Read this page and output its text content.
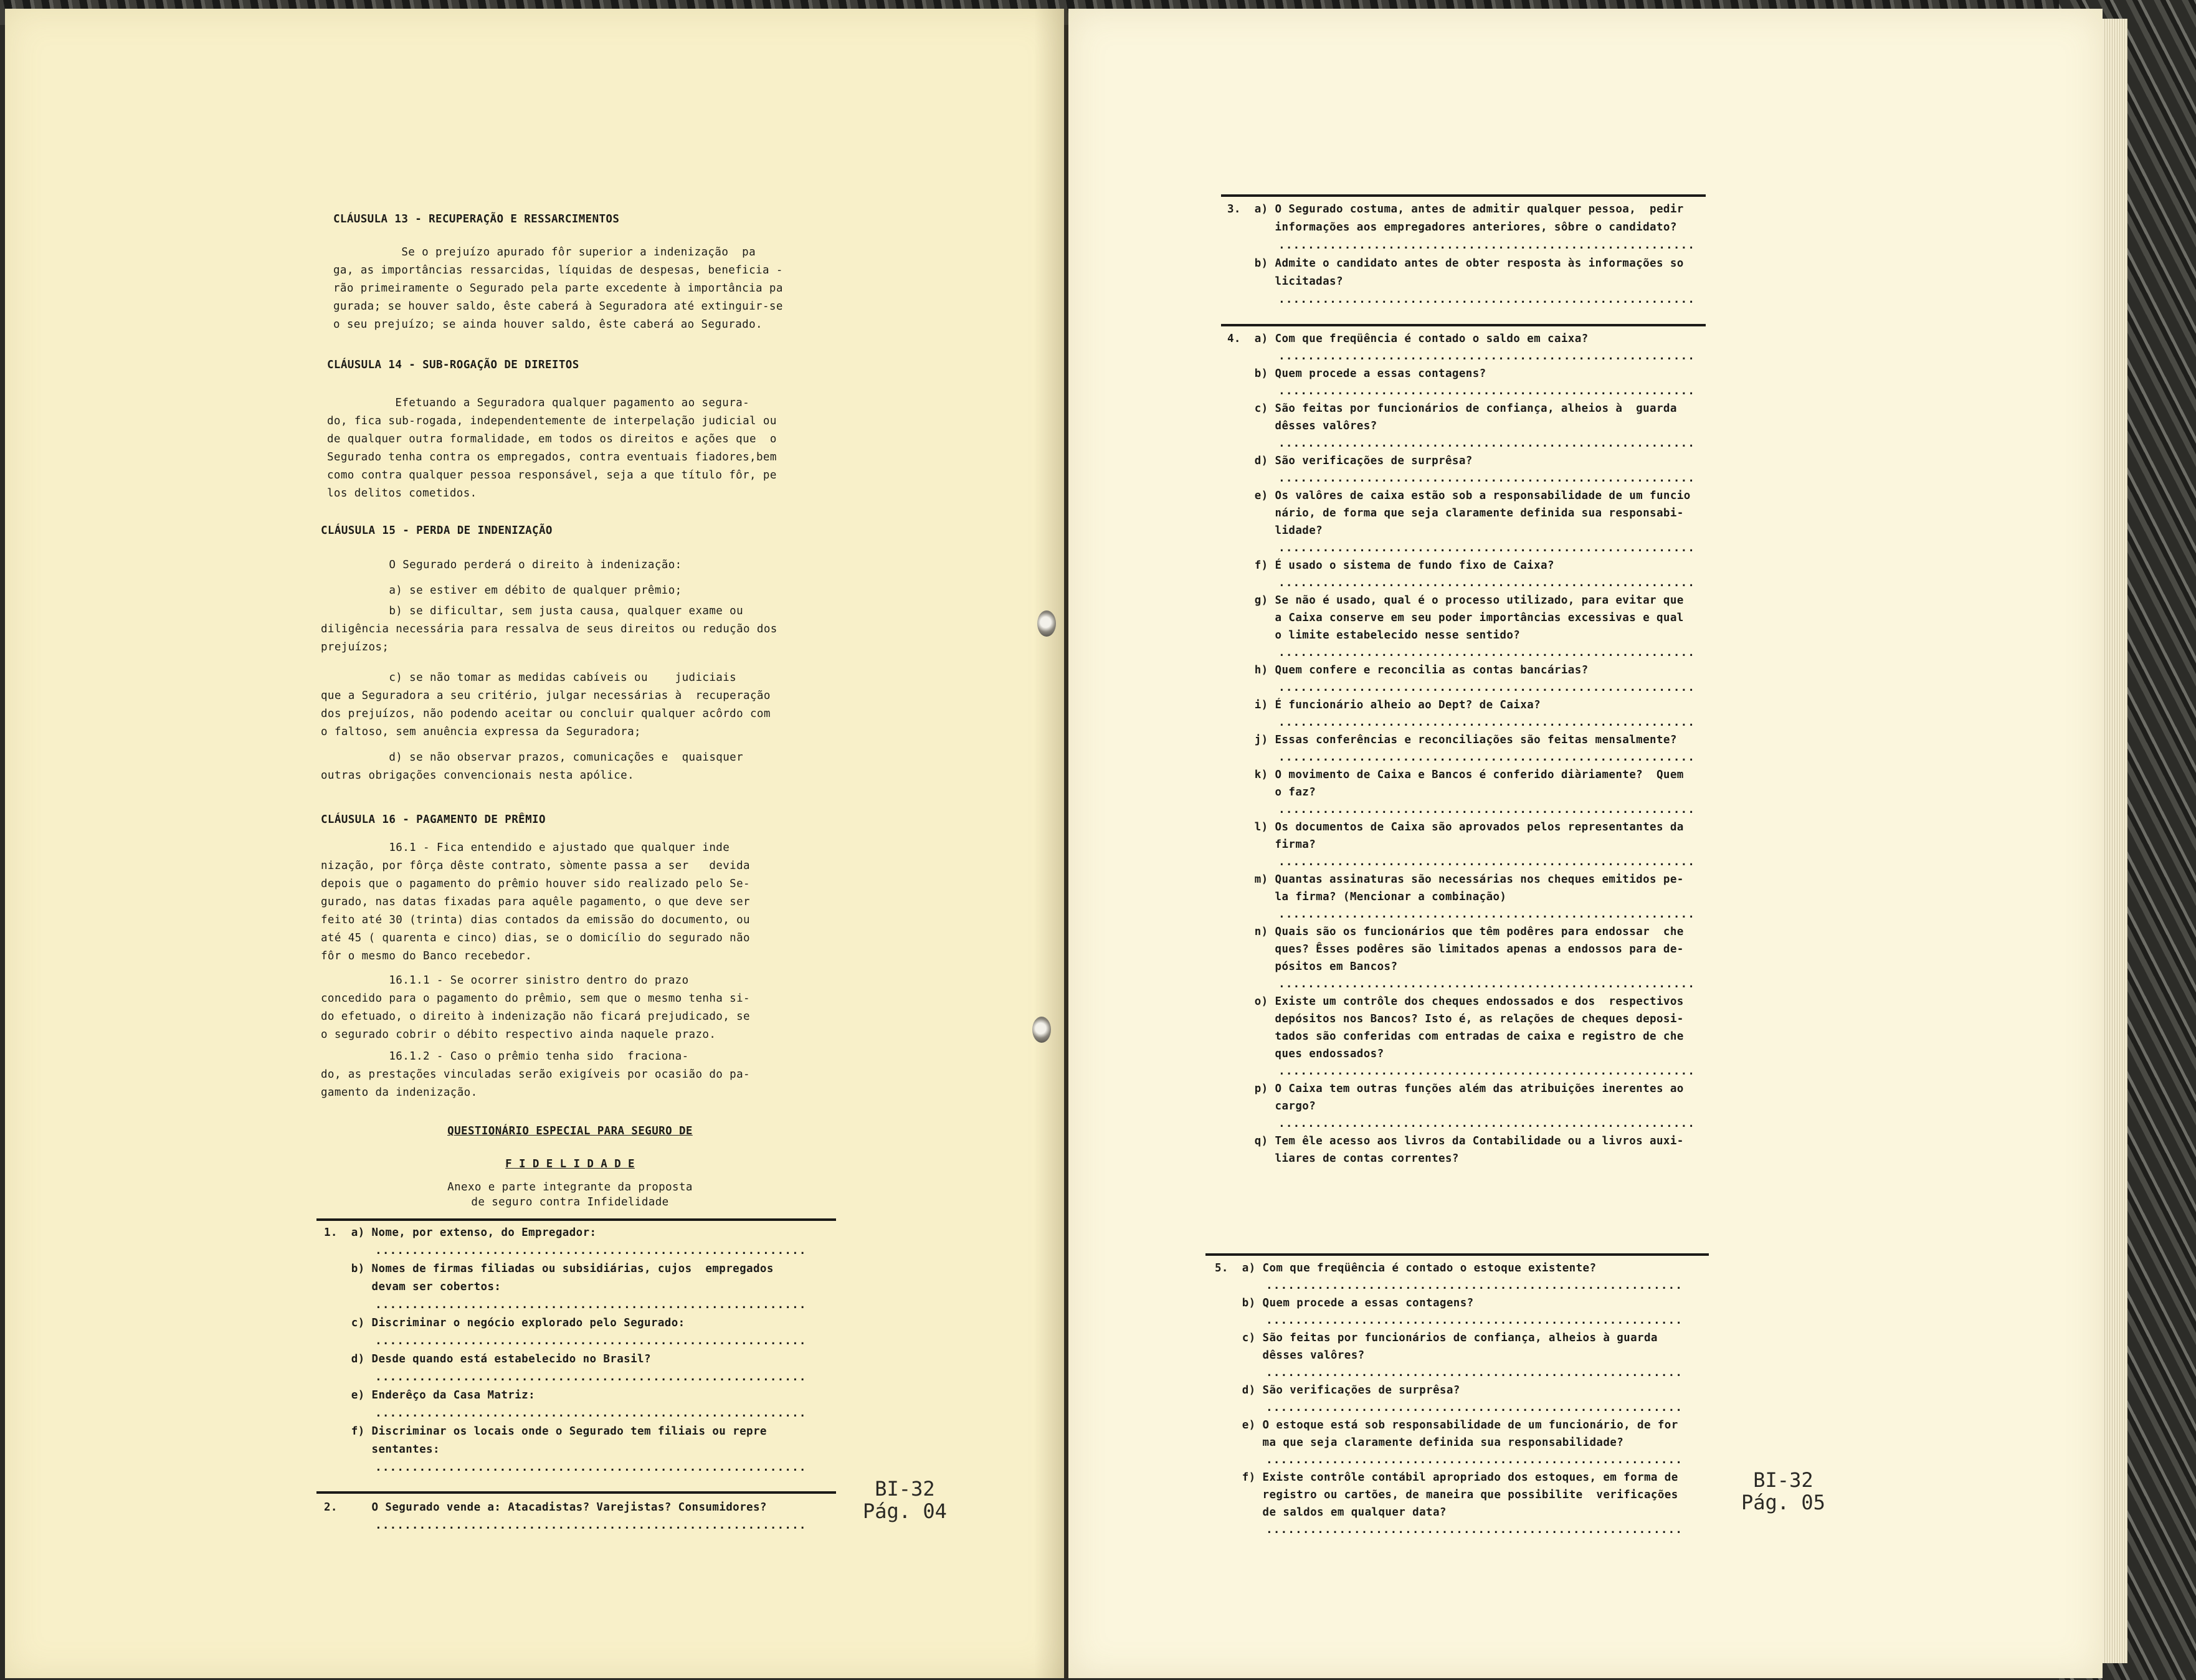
CLÁUSULA 13 - RECUPERAÇÃO E RESSARCIMENTOS

Se o prejuízo apurado fôr superior a indenização  pa

ga, as importâncias ressarcidas, líquidas de despesas, beneficia -

rão primeiramente o Segurado pela parte excedente à importância pa

gurada; se houver saldo, êste caberá à Seguradora até extinguir-se

o seu prejuízo; se ainda houver saldo, êste caberá ao Segurado.

CLÁUSULA 14 - SUB-ROGAÇÃO DE DIREITOS

Efetuando a Seguradora qualquer pagamento ao segura-

do, fica sub-rogada, independentemente de interpelação judicial ou

de qualquer outra formalidade, em todos os direitos e ações que  o

Segurado tenha contra os empregados, contra eventuais fiadores,bem

como contra qualquer pessoa responsável, seja a que título fôr, pe

los delitos cometidos.

CLÁUSULA 15 - PERDA DE INDENIZAÇÃO

O Segurado perderá o direito à indenização:

a) se estiver em débito de qualquer prêmio;

b) se dificultar, sem justa causa, qualquer exame ou

diligência necessária para ressalva de seus direitos ou redução dos

prejuízos;

c) se não tomar as medidas cabíveis ou    judiciais

que a Seguradora a seu critério, julgar necessárias à  recuperação

dos prejuízos, não podendo aceitar ou concluir qualquer acôrdo com

o faltoso, sem anuência expressa da Seguradora;

d) se não observar prazos, comunicações e  quaisquer

outras obrigações convencionais nesta apólice.

CLÁUSULA 16 - PAGAMENTO DE PRÊMIO

16.1 - Fica entendido e ajustado que qualquer inde

nização, por fôrça dêste contrato, sòmente passa a ser   devida

depois que o pagamento do prêmio houver sido realizado pelo Se-

gurado, nas datas fixadas para aquêle pagamento, o que deve ser

feito até 30 (trinta) dias contados da emissão do documento, ou

até 45 ( quarenta e cinco) dias, se o domicílio do segurado não

fôr o mesmo do Banco recebedor.

16.1.1 - Se ocorrer sinistro dentro do prazo

concedido para o pagamento do prêmio, sem que o mesmo tenha si-

do efetuado, o direito à indenização não ficará prejudicado, se

o segurado cobrir o débito respectivo ainda naquele prazo.

16.1.2 - Caso o prêmio tenha sido  fraciona-

do, as prestações vinculadas serão exigíveis por ocasião do pa-

gamento da indenização.

QUESTIONÁRIO ESPECIAL PARA SEGURO DE

F I D E L I D A D E

Anexo e parte integrante da proposta

de seguro contra Infidelidade

1.  a) Nome, por extenso, do Empregador:

...........................................................

b) Nomes de firmas filiadas ou subsidiárias, cujos  empregados

devam ser cobertos:

...........................................................

c) Discriminar o negócio explorado pelo Segurado:

...........................................................

d) Desde quando está estabelecido no Brasil?

...........................................................

e) Enderêço da Casa Matriz:

...........................................................

f) Discriminar os locais onde o Segurado tem filiais ou repre

sentantes:

...........................................................

2.     O Segurado vende a: Atacadistas? Varejistas? Consumidores?

...........................................................

BI-32
Pág. 04

3.  a) O Segurado costuma, antes de admitir qualquer pessoa,  pedir

informações aos empregadores anteriores, sôbre o candidato?

.........................................................

b) Admite o candidato antes de obter resposta às informações so

licitadas?

.........................................................

4.  a) Com que freqüência é contado o saldo em caixa?

.........................................................

b) Quem procede a essas contagens?

.........................................................

c) São feitas por funcionários de confiança, alheios à  guarda

dêsses valôres?

.........................................................

d) São verificações de surprêsa?

.........................................................

e) Os valôres de caixa estão sob a responsabilidade de um funcio

nário, de forma que seja claramente definida sua responsabi-

lidade?

.........................................................

f) É usado o sistema de fundo fixo de Caixa?

.........................................................

g) Se não é usado, qual é o processo utilizado, para evitar que

a Caixa conserve em seu poder importâncias excessivas e qual

o limite estabelecido nesse sentido?

.........................................................

h) Quem confere e reconcilia as contas bancárias?

.........................................................

i) É funcionário alheio ao Dept? de Caixa?

.........................................................

j) Essas conferências e reconciliações são feitas mensalmente?

.........................................................

k) O movimento de Caixa e Bancos é conferido diàriamente?  Quem

o faz?

.........................................................

l) Os documentos de Caixa são aprovados pelos representantes da

firma?

.........................................................

m) Quantas assinaturas são necessárias nos cheques emitidos pe-

la firma? (Mencionar a combinação)

.........................................................

n) Quais são os funcionários que têm podêres para endossar  che

ques? Êsses podêres são limitados apenas a endossos para de-

pósitos em Bancos?

.........................................................

o) Existe um contrôle dos cheques endossados e dos  respectivos

depósitos nos Bancos? Isto é, as relações de cheques deposi-

tados são conferidas com entradas de caixa e registro de che

ques endossados?

.........................................................

p) O Caixa tem outras funções além das atribuições inerentes ao

cargo?

.........................................................

q) Tem êle acesso aos livros da Contabilidade ou a livros auxi-

liares de contas correntes?

5.  a) Com que freqüência é contado o estoque existente?

.........................................................

b) Quem procede a essas contagens?

.........................................................

c) São feitas por funcionários de confiança, alheios à guarda

dêsses valôres?

.........................................................

d) São verificações de surprêsa?

.........................................................

e) O estoque está sob responsabilidade de um funcionário, de for

ma que seja claramente definida sua responsabilidade?

.........................................................

f) Existe contrôle contábil apropriado dos estoques, em forma de

registro ou cartões, de maneira que possibilite  verificações

de saldos em qualquer data?

.........................................................

BI-32
Pág. 05
